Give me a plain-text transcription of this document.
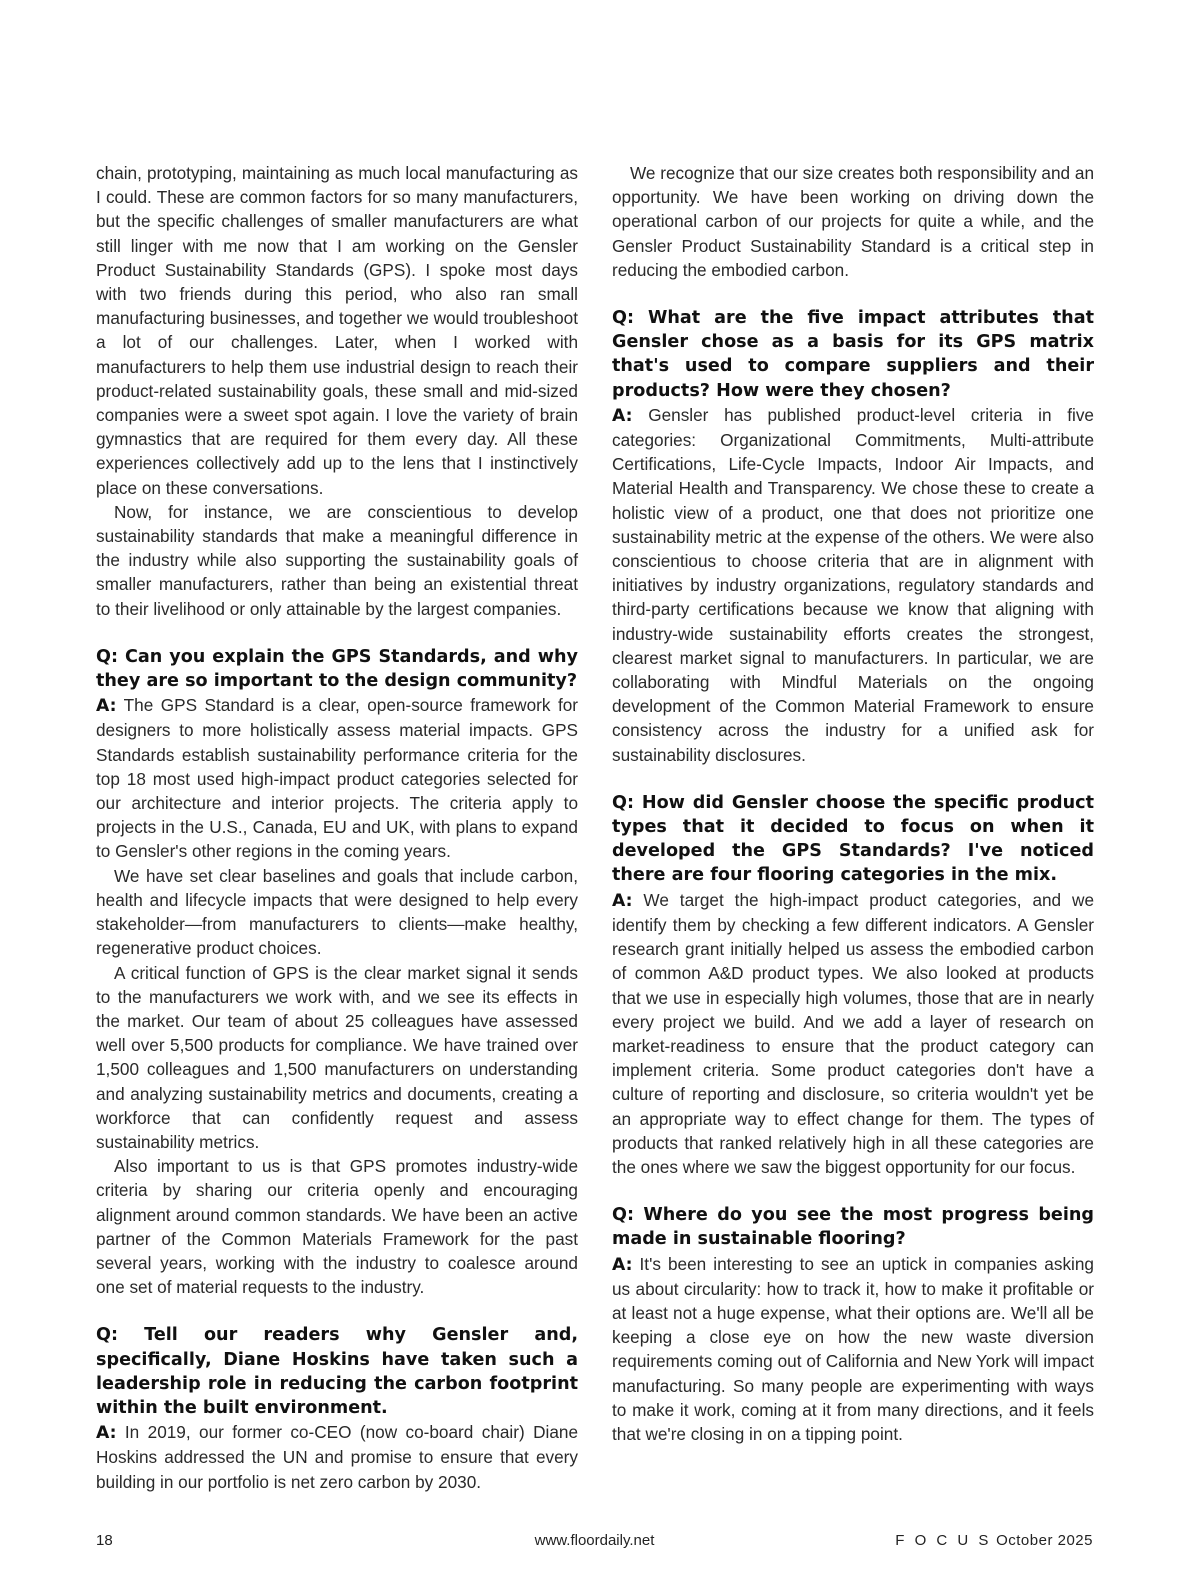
chain, prototyping, maintaining as much local manufacturing as I could. These are common factors for so many manufacturers, but the specific challenges of smaller manufacturers are what still linger with me now that I am working on the Gensler Product Sustainability Standards (GPS). I spoke most days with two friends during this period, who also ran small manufacturing businesses, and together we would troubleshoot a lot of our challenges. Later, when I worked with manufacturers to help them use industrial design to reach their product-related sustainability goals, these small and mid-sized companies were a sweet spot again. I love the variety of brain gymnastics that are required for them every day. All these experiences collectively add up to the lens that I instinctively place on these conversations.

Now, for instance, we are conscientious to develop sustainability standards that make a meaningful difference in the industry while also supporting the sustainability goals of smaller manufacturers, rather than being an existential threat to their livelihood or only attainable by the largest companies.

Q: Can you explain the GPS Standards, and why they are so important to the design community?

A: The GPS Standard is a clear, open-source framework for designers to more holistically assess material impacts. GPS Standards establish sustainability performance criteria for the top 18 most used high-impact product categories selected for our architecture and interior projects. The criteria apply to projects in the U.S., Canada, EU and UK, with plans to expand to Gensler's other regions in the coming years.

We have set clear baselines and goals that include carbon, health and lifecycle impacts that were designed to help every stakeholder—from manufacturers to clients—make healthy, regenerative product choices.

A critical function of GPS is the clear market signal it sends to the manufacturers we work with, and we see its effects in the market. Our team of about 25 colleagues have assessed well over 5,500 products for compliance. We have trained over 1,500 colleagues and 1,500 manufacturers on understanding and analyzing sustainability metrics and documents, creating a workforce that can confidently request and assess sustainability metrics.

Also important to us is that GPS promotes industry-wide criteria by sharing our criteria openly and encouraging alignment around common standards. We have been an active partner of the Common Materials Framework for the past several years, working with the industry to coalesce around one set of material requests to the industry.

Q: Tell our readers why Gensler and, specifically, Diane Hoskins have taken such a leadership role in reducing the carbon footprint within the built environment.

A: In 2019, our former co-CEO (now co-board chair) Diane Hoskins addressed the UN and promise to ensure that every building in our portfolio is net zero carbon by 2030.

We recognize that our size creates both responsibility and an opportunity. We have been working on driving down the operational carbon of our projects for quite a while, and the Gensler Product Sustainability Standard is a critical step in reducing the embodied carbon.

Q: What are the five impact attributes that Gensler chose as a basis for its GPS matrix that's used to compare suppliers and their products? How were they chosen?

A: Gensler has published product-level criteria in five categories: Organizational Commitments, Multi-attribute Certifications, Life-Cycle Impacts, Indoor Air Impacts, and Material Health and Transparency. We chose these to create a holistic view of a product, one that does not prioritize one sustainability metric at the expense of the others. We were also conscientious to choose criteria that are in alignment with initiatives by industry organizations, regulatory standards and third-party certifications because we know that aligning with industry-wide sustainability efforts creates the strongest, clearest market signal to manufacturers. In particular, we are collaborating with Mindful Materials on the ongoing development of the Common Material Framework to ensure consistency across the industry for a unified ask for sustainability disclosures.

Q: How did Gensler choose the specific product types that it decided to focus on when it developed the GPS Standards? I've noticed there are four flooring categories in the mix.

A: We target the high-impact product categories, and we identify them by checking a few different indicators. A Gensler research grant initially helped us assess the embodied carbon of common A&D product types. We also looked at products that we use in especially high volumes, those that are in nearly every project we build. And we add a layer of research on market-readiness to ensure that the product category can implement criteria. Some product categories don't have a culture of reporting and disclosure, so criteria wouldn't yet be an appropriate way to effect change for them. The types of products that ranked relatively high in all these categories are the ones where we saw the biggest opportunity for our focus.

Q: Where do you see the most progress being made in sustainable flooring?

A: It's been interesting to see an uptick in companies asking us about circularity: how to track it, how to make it profitable or at least not a huge expense, what their options are. We'll all be keeping a close eye on how the new waste diversion requirements coming out of California and New York will impact manufacturing. So many people are experimenting with ways to make it work, coming at it from many directions, and it feels that we're closing in on a tipping point.

18	www.floordaily.net	F O C U S October 2025
